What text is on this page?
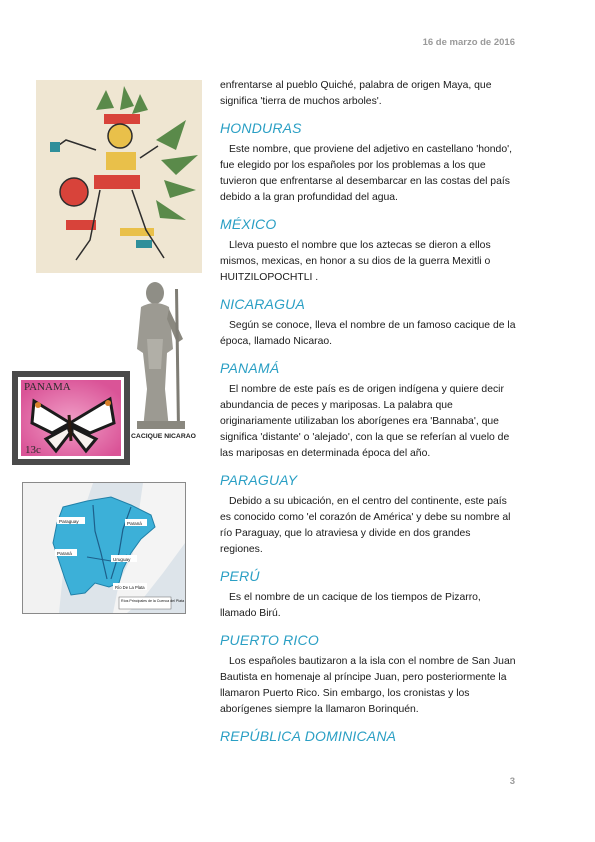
16 de marzo de 2016
CACIQUE NICARAO
PANAMA
13c
Paraguay	Paraná
Paraná
Uruguay
Río De La Plata
Ríos Principales de la Cuenca del Plata

enfrentarse al pueblo Quiché, palabra de origen Maya, que significa 'tierra de muchos arboles'.

HONDURAS

Este nombre, que proviene del adjetivo en castellano 'hondo', fue elegido por los españoles por los problemas a los que tuvieron que enfrentarse al desembarcar en las costas del país debido a la gran profundidad del agua.

MÉXICO

Lleva puesto el nombre que los aztecas se dieron a ellos mismos, mexicas, en honor a su dios de la guerra Mexitli o HUITZILOPOCHTLI .

NICARAGUA

Según se conoce, lleva el nombre de un famoso cacique de la época, llamado Nicarao.

PANAMÁ

El nombre de este país es de origen indígena y quiere decir abundancia de peces y mariposas. La palabra que originariamente utilizaban los aborígenes era 'Bannaba', que significa 'distante' o 'alejado', con la que se referían al vuelo de las mariposas en determinada época del año.

PARAGUAY

Debido a su ubicación, en el centro del continente, este país es conocido como 'el corazón de América' y debe su nombre al río Paraguay, que lo atraviesa y divide en dos grandes regiones.

PERÚ

Es el nombre de un cacique de los tiempos de Pizarro, llamado Birú.

PUERTO RICO

Los españoles bautizaron a la isla con el nombre de San Juan Bautista en homenaje al príncipe Juan, pero posteriormente la llamaron Puerto Rico. Sin embargo, los cronistas y los aborígenes siempre la llamaron Borinquén.

REPÚBLICA DOMINICANA
3
